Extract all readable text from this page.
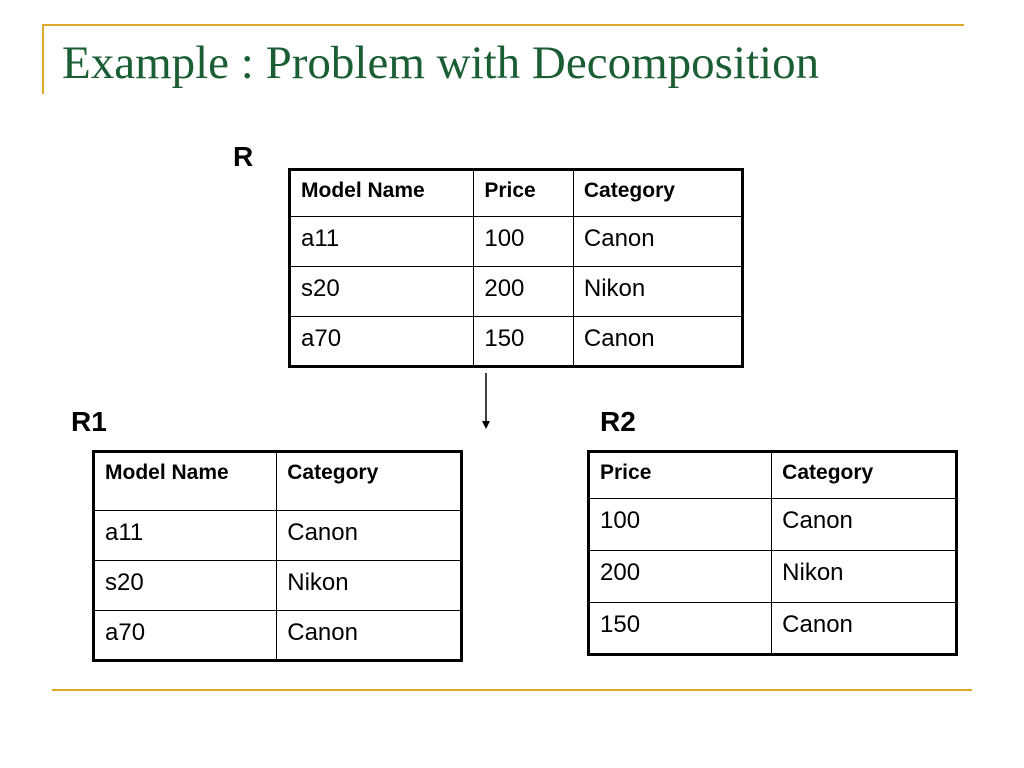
Example : Problem with Decomposition
R
Model Name	Price	Category
a11	100	Canon
s20	200	Nikon
a70	150	Canon
R1
Model Name	Category
a11	Canon
s20	Nikon
a70	Canon
R2
Price	Category
100	Canon
200	Nikon
150	Canon
